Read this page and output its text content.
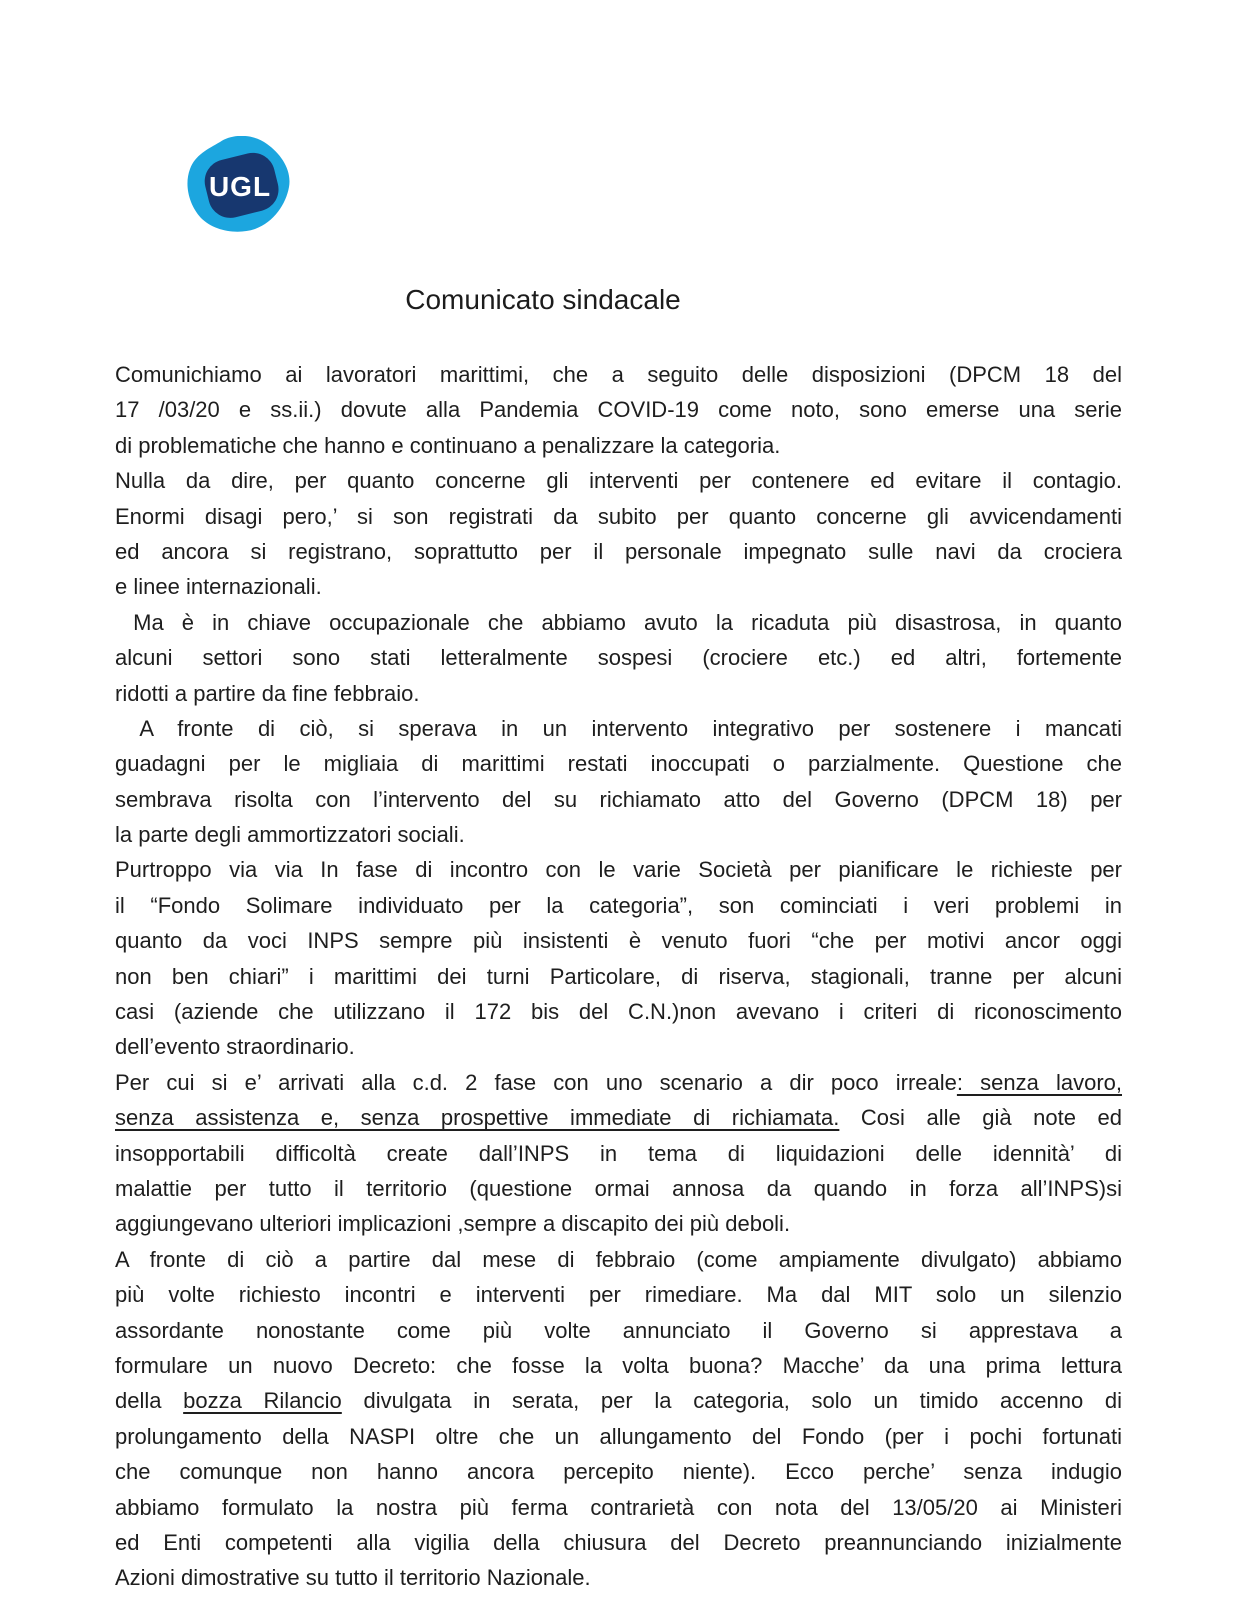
UGL
Comunicato sindacale
Comunichiamo ai lavoratori marittimi, che a seguito delle disposizioni (DPCM 18 del
17 /03/20 e ss.ii.) dovute alla Pandemia COVID-19 come noto, sono emerse una serie
di problematiche che hanno e continuano a penalizzare la categoria.
Nulla da dire, per quanto concerne gli interventi per contenere ed evitare il contagio.
Enormi disagi pero,’ si son registrati da subito per quanto concerne gli avvicendamenti
ed ancora si registrano, soprattutto per il personale impegnato sulle navi da crociera
e linee internazionali.
Ma è in chiave occupazionale che abbiamo avuto la ricaduta più disastrosa, in quanto
alcuni settori sono stati letteralmente sospesi (crociere etc.) ed altri, fortemente
ridotti a partire da fine febbraio.
A fronte di ciò, si sperava in un intervento integrativo per sostenere i mancati
guadagni per le migliaia di marittimi restati inoccupati o parzialmente. Questione che
sembrava risolta con l’intervento del su richiamato atto del Governo (DPCM 18) per
la parte degli ammortizzatori sociali.
Purtroppo via via In fase di incontro con le varie Società per pianificare le richieste per
il “Fondo Solimare individuato per la categoria”, son cominciati i veri problemi in
quanto da voci INPS sempre più insistenti è venuto fuori “che per motivi ancor oggi
non ben chiari” i marittimi dei turni Particolare, di riserva, stagionali, tranne per alcuni
casi (aziende che utilizzano il 172 bis del C.N.)non avevano i criteri di riconoscimento
dell’evento straordinario.
Per cui si e’ arrivati alla c.d. 2 fase con uno scenario a dir poco irreale: senza lavoro,
senza assistenza e, senza prospettive immediate di richiamata. Cosi alle già note ed
insopportabili difficoltà create dall’INPS in tema di liquidazioni delle idennità’ di
malattie per tutto il territorio (questione ormai annosa da quando in forza all’INPS)si
aggiungevano ulteriori implicazioni ,sempre a discapito dei più deboli.
A fronte di ciò a partire dal mese di febbraio (come ampiamente divulgato) abbiamo
più volte richiesto incontri e interventi per rimediare. Ma dal MIT solo un silenzio
assordante nonostante come più volte annunciato il Governo si apprestava a
formulare un nuovo Decreto: che fosse la volta buona? Macche’ da una prima lettura
della bozza Rilancio divulgata in serata, per la categoria, solo un timido accenno di
prolungamento della NASPI oltre che un allungamento del Fondo (per i pochi fortunati
che comunque non hanno ancora percepito niente). Ecco perche’ senza indugio
abbiamo formulato la nostra più ferma contrarietà con nota del 13/05/20 ai Ministeri
ed Enti competenti alla vigilia della chiusura del Decreto preannunciando inizialmente
Azioni dimostrative su tutto il territorio Nazionale.
